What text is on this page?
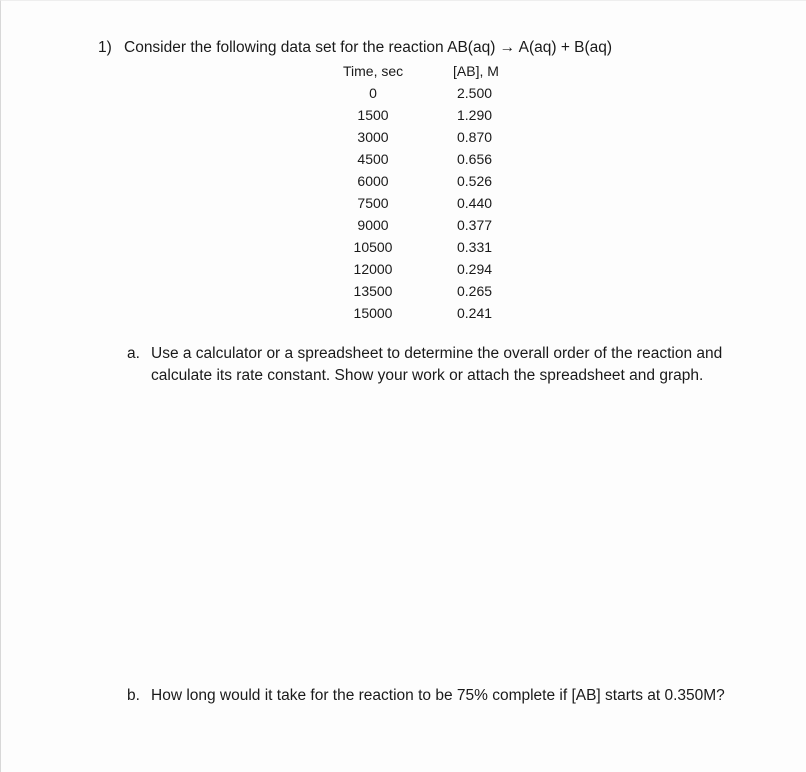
1) Consider the following data set for the reaction AB(aq) → A(aq) + B(aq)
Time, sec	[AB], M
0	2.500
1500	1.290
3000	0.870
4500	0.656
6000	0.526
7500	0.440
9000	0.377
10500	0.331
12000	0.294
13500	0.265
15000	0.241
a. Use a calculator or a spreadsheet to determine the overall order of the reaction and calculate its rate constant. Show your work or attach the spreadsheet and graph.
b. How long would it take for the reaction to be 75% complete if [AB] starts at 0.350M?
